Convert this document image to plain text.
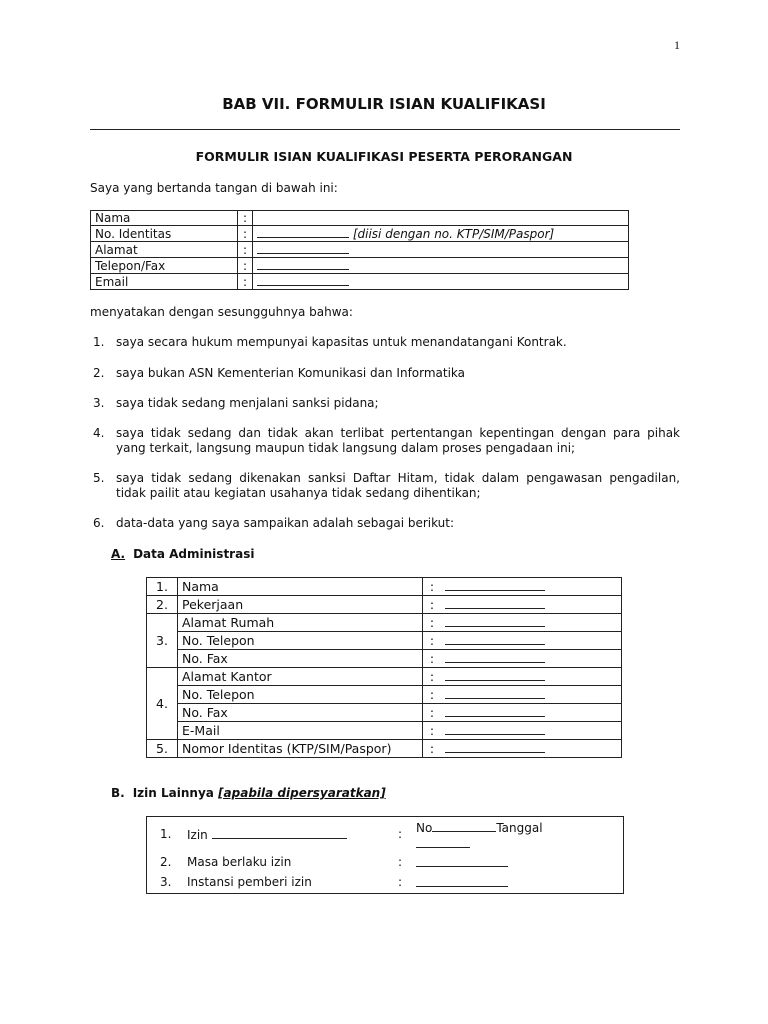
1
BAB VII. FORMULIR ISIAN KUALIFIKASI
FORMULIR ISIAN KUALIFIKASI PESERTA PERORANGAN
Saya yang bertanda tangan di bawah ini:
Nama	:	
No. Identitas	:	[diisi dengan no. KTP/SIM/Paspor]
Alamat	:	
Telepon/Fax	:	
Email	:	
menyatakan dengan sesungguhnya bahwa:
1. saya secara hukum mempunyai kapasitas untuk menandatangani Kontrak.
2. saya bukan ASN Kementerian Komunikasi dan Informatika
3. saya tidak sedang menjalani sanksi pidana;
4. saya tidak sedang dan tidak akan terlibat pertentangan kepentingan dengan para pihak yang terkait, langsung maupun tidak langsung dalam proses pengadaan ini;
5. saya tidak sedang dikenakan sanksi Daftar Hitam, tidak dalam pengawasan pengadilan, tidak pailit atau kegiatan usahanya tidak sedang dihentikan;
6. data-data yang saya sampaikan adalah sebagai berikut:
A. Data Administrasi
1.	Nama	:	
2.	Pekerjaan	:	
3.	Alamat Rumah	:	
	No. Telepon	:	
	No. Fax	:	
4.	Alamat Kantor	:	
	No. Telepon	:	
	No. Fax	:	
	E-Mail	:	
5.	Nomor Identitas (KTP/SIM/Paspor)	:	
B. Izin Lainnya [apabila dipersyaratkan]
1. Izin	: No	Tanggal
2. Masa berlaku izin	:
3. Instansi pemberi izin	:
